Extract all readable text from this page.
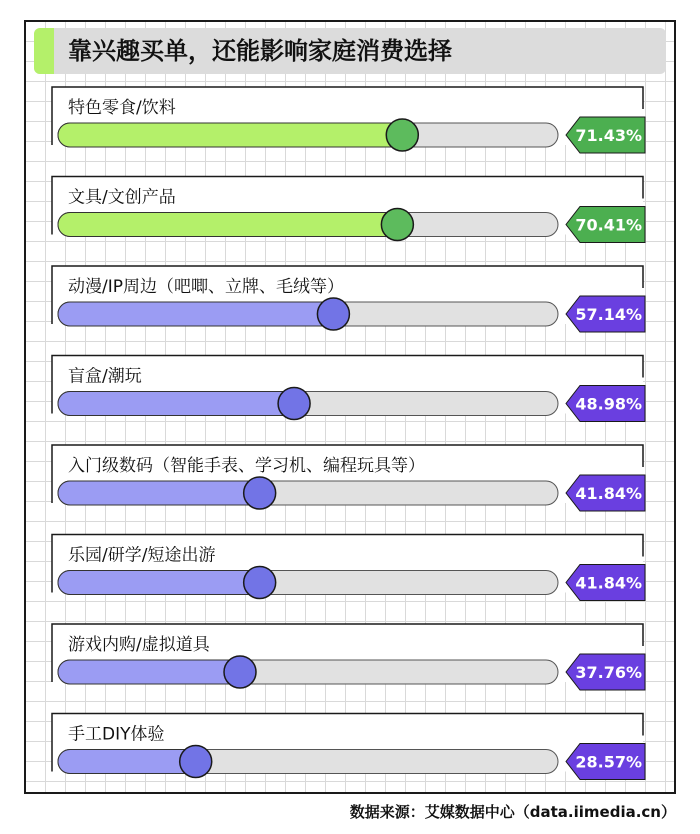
靠兴趣买单，还能影响家庭消费选择
特色零食/饮料
71.43%
文具/文创产品
70.41%
动漫/IP周边（吧唧、立牌、毛绒等）
57.14%
盲盒/潮玩
48.98%
入门级数码（智能手表、学习机、编程玩具等）
41.84%
乐园/研学/短途出游
41.84%
游戏内购/虚拟道具
37.76%
手工DIY体验
28.57%
数据来源：艾媒数据中心（data.iimedia.cn）
